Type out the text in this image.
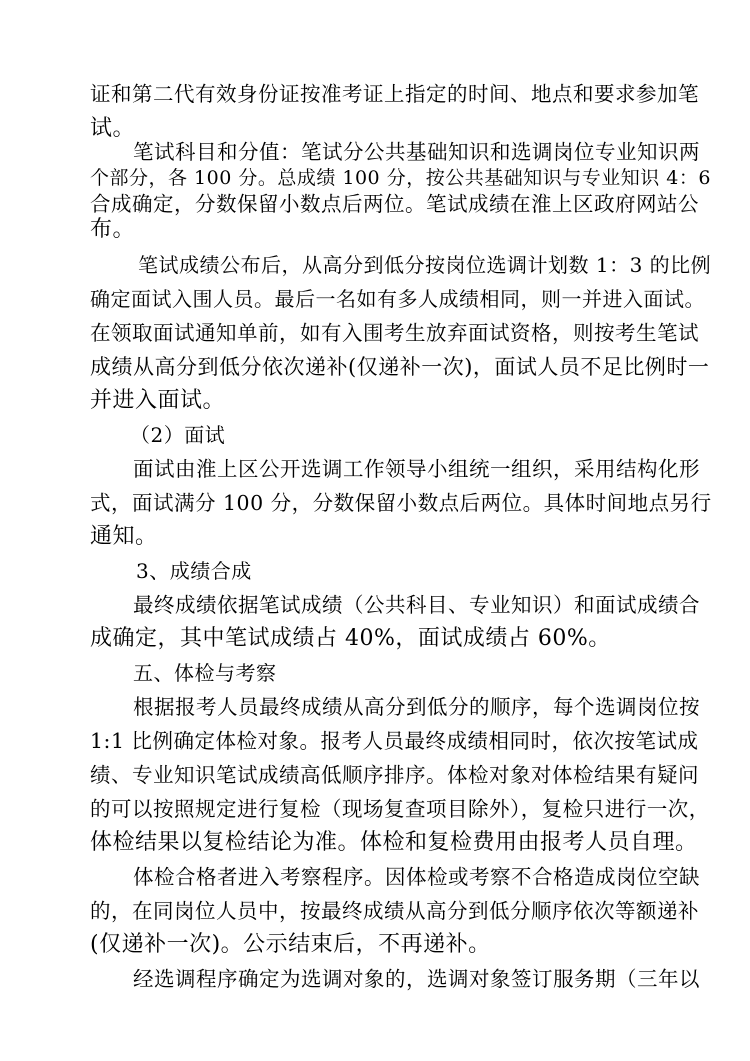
证和第二代有效身份证按准考证上指定的时间、地点和要求参加笔
试。
笔试科目和分值：笔试分公共基础知识和选调岗位专业知识两
个部分，各 100 分。总成绩 100 分，按公共基础知识与专业知识 4：6
合成确定，分数保留小数点后两位。笔试成绩在淮上区政府网站公
布。
笔试成绩公布后，从高分到低分按岗位选调计划数 1：3 的比例
确定面试入围人员。最后一名如有多人成绩相同，则一并进入面试。
在领取面试通知单前，如有入围考生放弃面试资格，则按考生笔试
成绩从高分到低分依次递补(仅递补一次)，面试人员不足比例时一
并进入面试。
（2）面试
面试由淮上区公开选调工作领导小组统一组织，采用结构化形
式，面试满分 100 分，分数保留小数点后两位。具体时间地点另行
通知。
3、成绩合成
最终成绩依据笔试成绩（公共科目、专业知识）和面试成绩合
成确定，其中笔试成绩占 40%，面试成绩占 60%。
五、体检与考察
根据报考人员最终成绩从高分到低分的顺序，每个选调岗位按
1:1 比例确定体检对象。报考人员最终成绩相同时，依次按笔试成
绩、专业知识笔试成绩高低顺序排序。体检对象对体检结果有疑问
的可以按照规定进行复检（现场复查项目除外），复检只进行一次，
体检结果以复检结论为准。体检和复检费用由报考人员自理。
体检合格者进入考察程序。因体检或考察不合格造成岗位空缺
的，在同岗位人员中，按最终成绩从高分到低分顺序依次等额递补
(仅递补一次)。公示结束后，不再递补。
经选调程序确定为选调对象的，选调对象签订服务期（三年以
